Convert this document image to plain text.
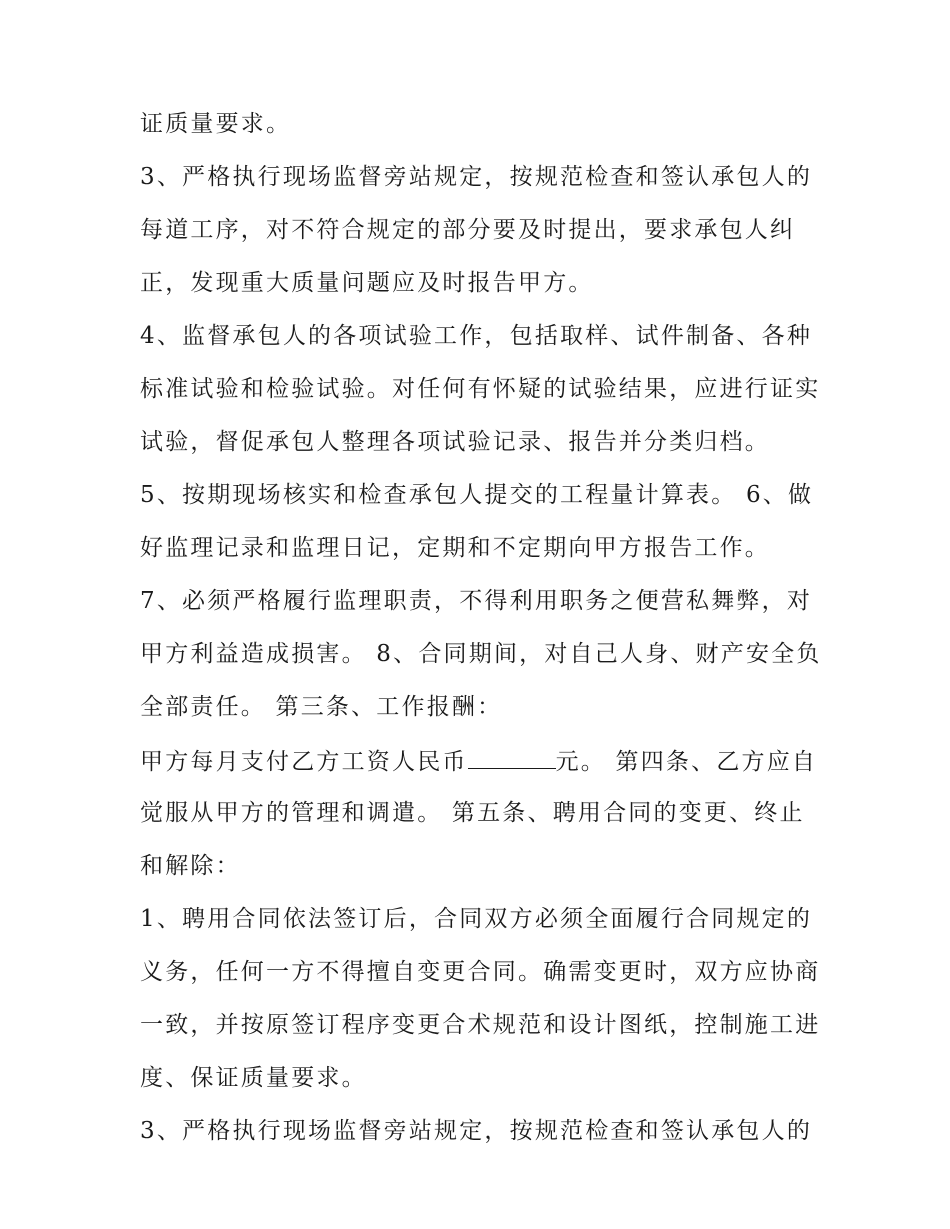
证质量要求。
3、严格执行现场监督旁站规定，按规范检查和签认承包人的
每道工序，对不符合规定的部分要及时提出，要求承包人纠
正，发现重大质量问题应及时报告甲方。
4、监督承包人的各项试验工作，包括取样、试件制备、各种
标准试验和检验试验。对任何有怀疑的试验结果，应进行证实
试验，督促承包人整理各项试验记录、报告并分类归档。
5、按期现场核实和检查承包人提交的工程量计算表。 6、做
好监理记录和监理日记，定期和不定期向甲方报告工作。
7、必须严格履行监理职责，不得利用职务之便营私舞弊，对
甲方利益造成损害。 8、合同期间，对自己人身、财产安全负
全部责任。 第三条、工作报酬：
甲方每月支付乙方工资人民币	元。 第四条、乙方应自
觉服从甲方的管理和调遣。 第五条、聘用合同的变更、终止
和解除：
1、聘用合同依法签订后，合同双方必须全面履行合同规定的
义务，任何一方不得擅自变更合同。确需变更时，双方应协商
一致，并按原签订程序变更合术规范和设计图纸，控制施工进
度、保证质量要求。
3、严格执行现场监督旁站规定，按规范检查和签认承包人的
